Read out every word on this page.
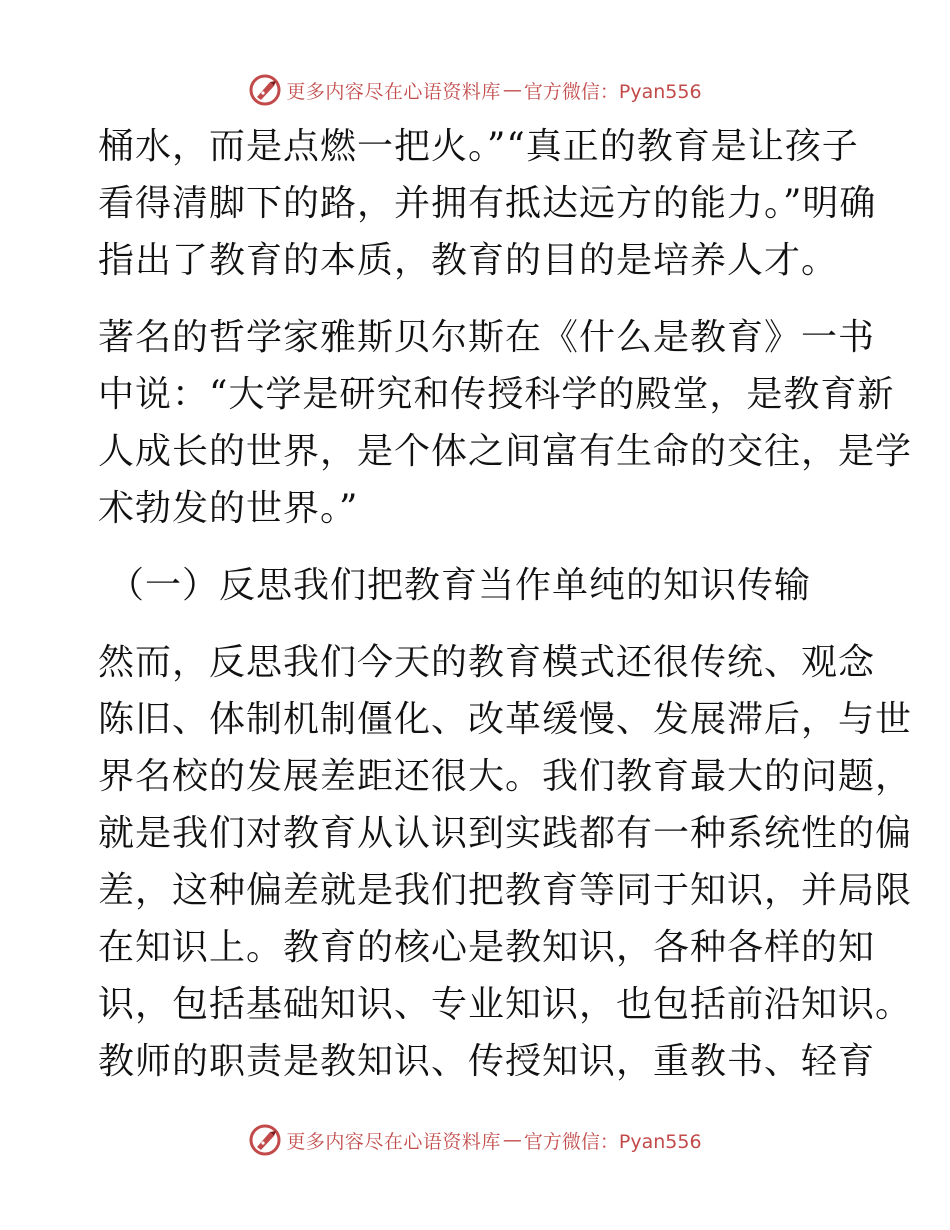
更多内容尽在心语资料库 — 官方微信：Pyan556

桶水，而是点燃一把火。”“真正的教育是让孩子
看得清脚下的路，并拥有抵达远方的能力。”明确
指出了教育的本质，教育的目的是培养人才。

著名的哲学家雅斯贝尔斯在《什么是教育》一书
中说：“大学是研究和传授科学的殿堂，是教育新
人成长的世界，是个体之间富有生命的交往，是学
术勃发的世界。”

（一）反思我们把教育当作单纯的知识传输

然而，反思我们今天的教育模式还很传统、观念
陈旧、体制机制僵化、改革缓慢、发展滞后，与世
界名校的发展差距还很大。我们教育最大的问题，
就是我们对教育从认识到实践都有一种系统性的偏
差，这种偏差就是我们把教育等同于知识，并局限
在知识上。教育的核心是教知识，各种各样的知
识，包括基础知识、专业知识，也包括前沿知识。
教师的职责是教知识、传授知识，重教书、轻育

更多内容尽在心语资料库 — 官方微信：Pyan556
